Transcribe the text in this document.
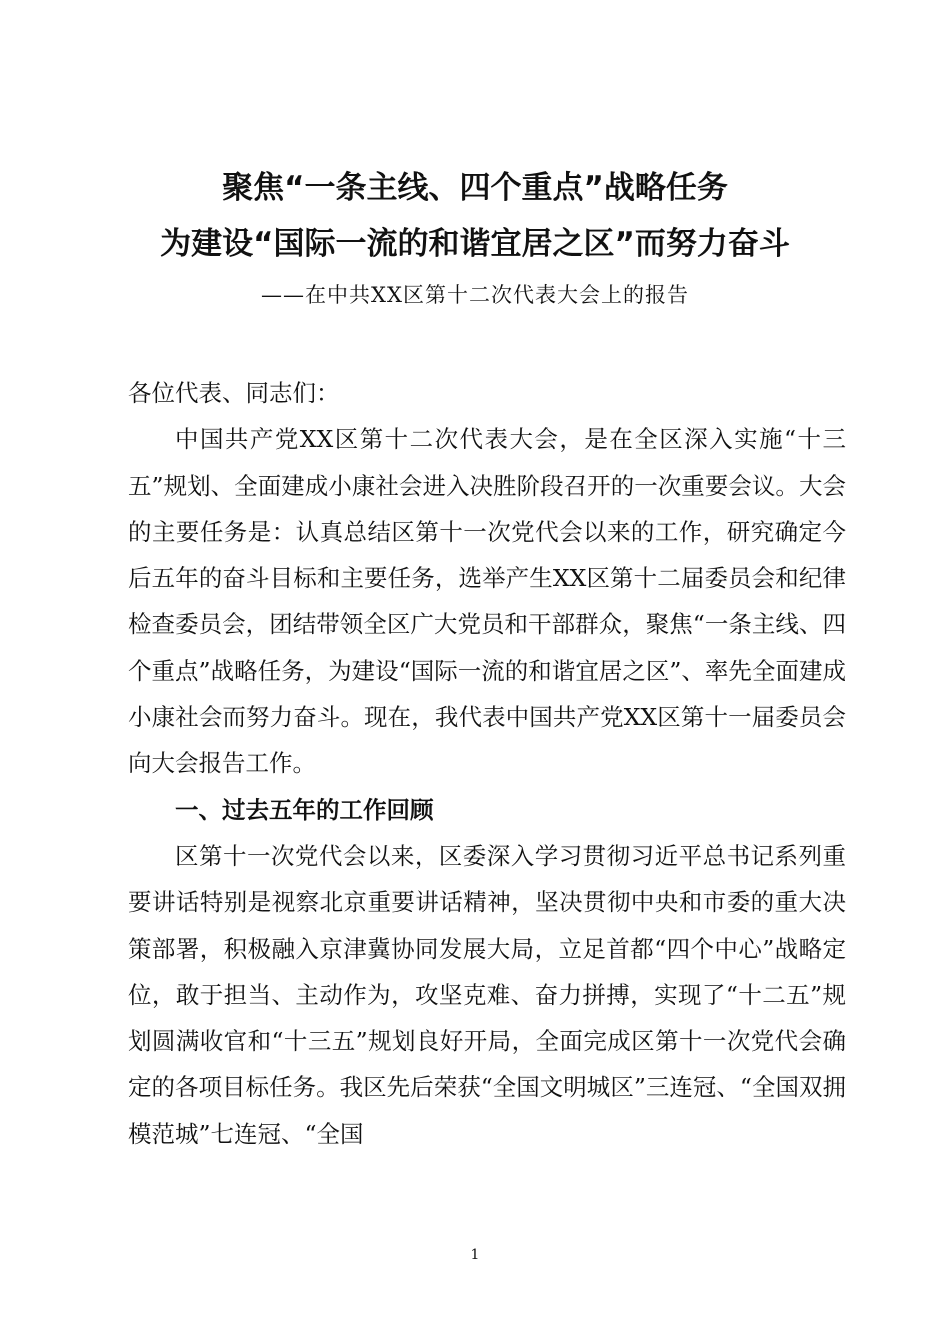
聚焦“一条主线、四个重点”战略任务
为建设“国际一流的和谐宜居之区”而努力奋斗
——在中共XX区第十二次代表大会上的报告

各位代表、同志们：

中国共产党XX区第十二次代表大会，是在全区深入实施“十三五”规划、全面建成小康社会进入决胜阶段召开的一次重要会议。大会的主要任务是：认真总结区第十一次党代会以来的工作，研究确定今后五年的奋斗目标和主要任务，选举产生XX区第十二届委员会和纪律检查委员会，团结带领全区广大党员和干部群众，聚焦“一条主线、四个重点”战略任务，为建设“国际一流的和谐宜居之区”、率先全面建成小康社会而努力奋斗。现在，我代表中国共产党XX区第十一届委员会向大会报告工作。

一、过去五年的工作回顾

区第十一次党代会以来，区委深入学习贯彻习近平总书记系列重要讲话特别是视察北京重要讲话精神，坚决贯彻中央和市委的重大决策部署，积极融入京津冀协同发展大局，立足首都“四个中心”战略定位，敢于担当、主动作为，攻坚克难、奋力拼搏，实现了“十二五”规划圆满收官和“十三五”规划良好开局，全面完成区第十一次党代会确定的各项目标任务。我区先后荣获“全国文明城区”三连冠、“全国双拥模范城”七连冠、“全国

1
